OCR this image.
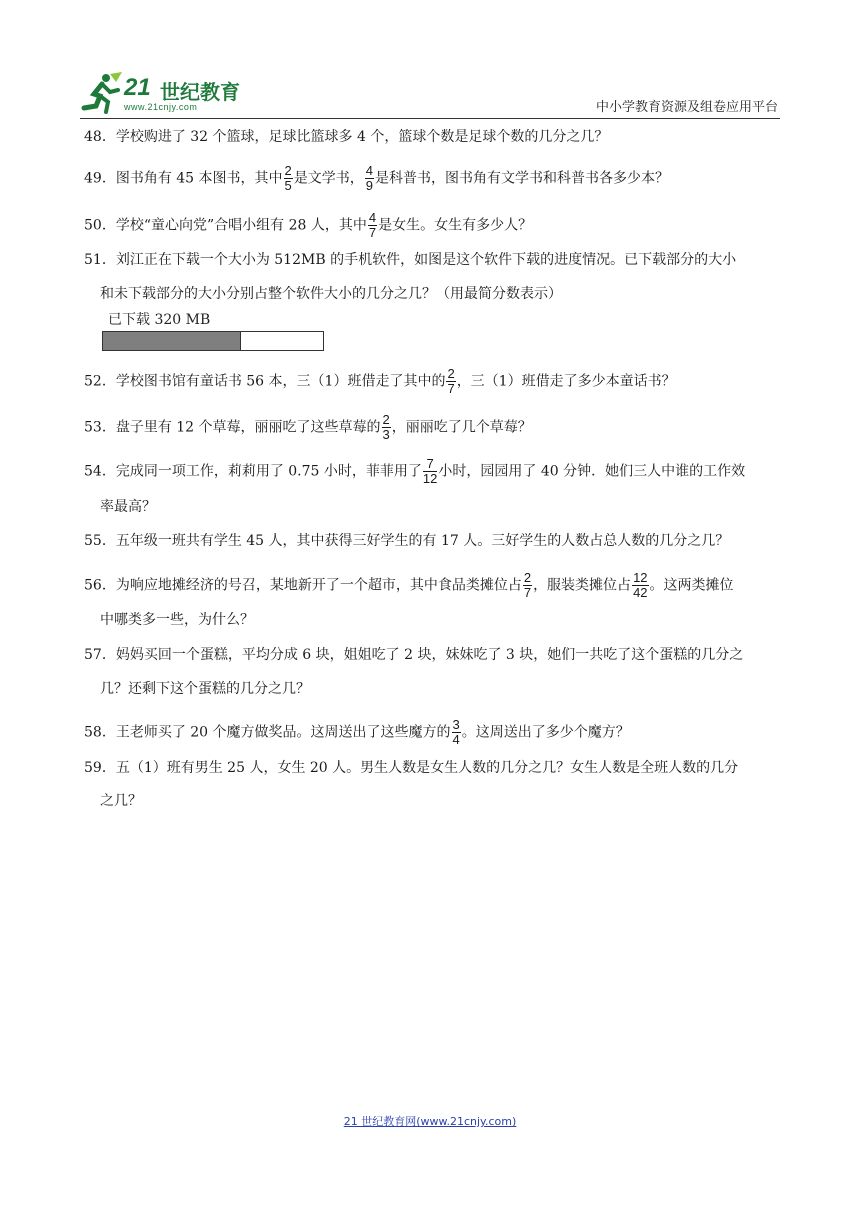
21 世纪教育
www.21cnjy.com	中小学教育资源及组卷应用平台
48．学校购进了 32 个篮球，足球比篮球多 4 个，篮球个数是足球个数的几分之几？
49．图书角有 45 本图书，其中 $\frac{2}{5}$ 是文学书， $\frac{4}{9}$ 是科普书，图书角有文学书和科普书各多少本？
50．学校“童心向党”合唱小组有 28 人，其中 $\frac{4}{7}$ 是女生。女生有多少人？
51．刘江正在下载一个大小为 512MB 的手机软件，如图是这个软件下载的进度情况。已下载部分的大小
和未下载部分的大小分别占整个软件大小的几分之几？（用最简分数表示）
已下载 320 MB
52．学校图书馆有童话书 56 本，三（1）班借走了其中的 $\frac{2}{7}$ ，三（1）班借走了多少本童话书？
53．盘子里有 12 个草莓，丽丽吃了这些草莓的 $\frac{2}{3}$ ，丽丽吃了几个草莓？
54．完成同一项工作，莉莉用了 0.75 小时，菲菲用了 $\frac{7}{12}$ 小时，园园用了 40 分钟．她们三人中谁的工作效
率最高？
55．五年级一班共有学生 45 人，其中获得三好学生的有 17 人。三好学生的人数占总人数的几分之几？
56．为响应地摊经济的号召，某地新开了一个超市，其中食品类摊位占 $\frac{2}{7}$ ，服装类摊位占 $\frac{12}{42}$ 。这两类摊位
中哪类多一些，为什么？
57．妈妈买回一个蛋糕，平均分成 6 块，姐姐吃了 2 块，妹妹吃了 3 块，她们一共吃了这个蛋糕的几分之
几？还剩下这个蛋糕的几分之几？
58．王老师买了 20 个魔方做奖品。这周送出了这些魔方的 $\frac{3}{4}$ 。这周送出了多少个魔方？
59．五（1）班有男生 25 人，女生 20 人。男生人数是女生人数的几分之几？女生人数是全班人数的几分
之几？
21 世纪教育网(www.21cnjy.com)
